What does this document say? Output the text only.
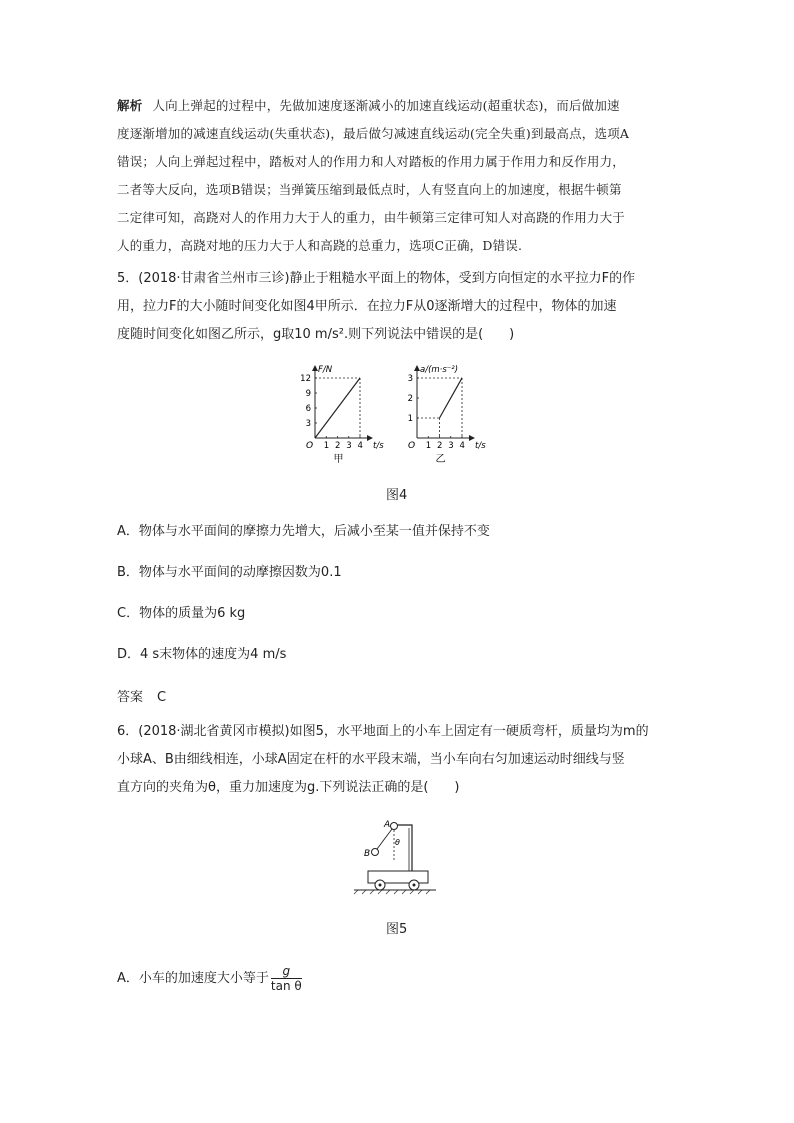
解析 人向上弹起的过程中，先做加速度逐渐减小的加速直线运动(超重状态)，而后做加速
度逐渐增加的减速直线运动(失重状态)，最后做匀减速直线运动(完全失重)到最高点，选项A
错误；人向上弹起过程中，踏板对人的作用力和人对踏板的作用力属于作用力和反作用力，
二者等大反向，选项B错误；当弹簧压缩到最低点时，人有竖直向上的加速度，根据牛顿第
二定律可知，高跷对人的作用力大于人的重力，由牛顿第三定律可知人对高跷的作用力大于
人的重力，高跷对地的压力大于人和高跷的总重力，选项C正确，D错误.
5．(2018·甘肃省兰州市三诊)静止于粗糙水平面上的物体，受到方向恒定的水平拉力F的作
用，拉力F的大小随时间变化如图4甲所示．在拉力F从0逐渐增大的过程中，物体的加速
度随时间变化如图乙所示，g取10 m/s².则下列说法中错误的是(　　)
O 1 2 3 4
3
6
9
12
t/s
F/N
甲
O 1 2 3 4
1
2
3
t/s
a/(m·s⁻²)
乙
图4
A．物体与水平面间的摩擦力先增大，后减小至某一值并保持不变
B．物体与水平面间的动摩擦因数为0.1
C．物体的质量为6 kg
D．4 s末物体的速度为4 m/s
答案 C
6．(2018·湖北省黄冈市模拟)如图5，水平地面上的小车上固定有一硬质弯杆，质量均为m的
小球A、B由细线相连，小球A固定在杆的水平段末端，当小车向右匀加速运动时细线与竖
直方向的夹角为θ，重力加速度为g.下列说法正确的是(　　)
A
B
θ
图5
A．小车的加速度大小等于 $\frac{g}{\text{tan θ}}$
